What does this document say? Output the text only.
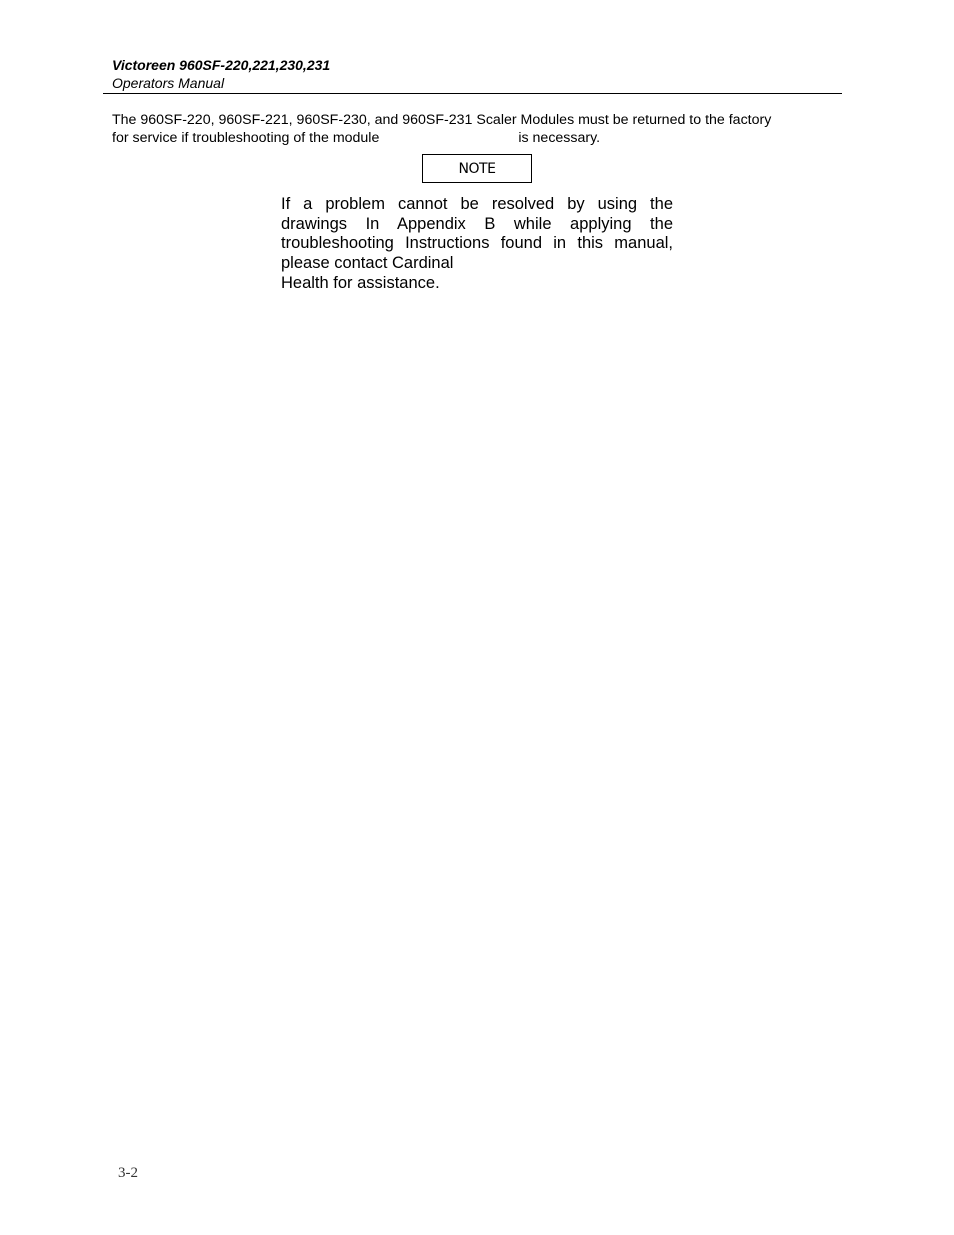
Victoreen 960SF-220,221,230,231
Operators Manual
The 960SF-220, 960SF-221, 960SF-230, and 960SF-231 Scaler Modules must be returned to the factory
for service if troubleshooting of the module	is necessary.
NOTE
If a problem cannot be resolved by using the drawings In Appendix B while applying the troubleshooting Instructions found in this manual,
please contact Cardinal
Health for assistance.
3-2
